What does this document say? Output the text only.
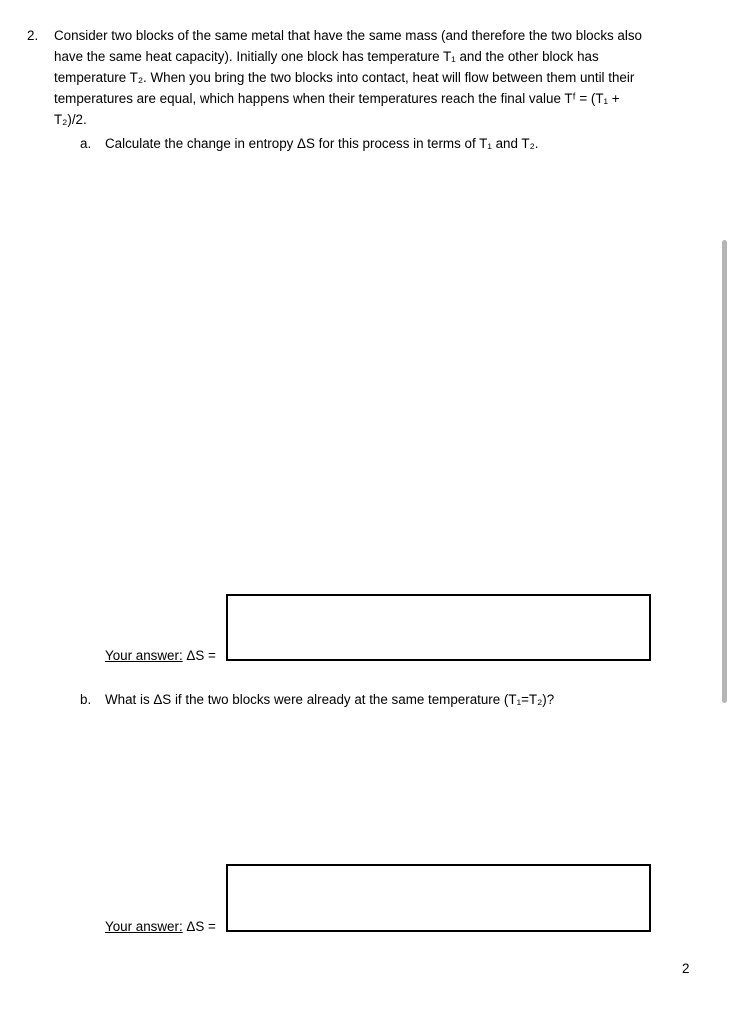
2. Consider two blocks of the same metal that have the same mass (and therefore the two blocks also
have the same heat capacity). Initially one block has temperature T₁ and the other block has
temperature T₂. When you bring the two blocks into contact, heat will flow between them until their
temperatures are equal, which happens when their temperatures reach the final value Tᶠ = (T₁ +
T₂)/2.
a. Calculate the change in entropy ΔS for this process in terms of T₁ and T₂.
Your answer: ΔS =
b. What is ΔS if the two blocks were already at the same temperature (T₁=T₂)?
Your answer: ΔS =
2
